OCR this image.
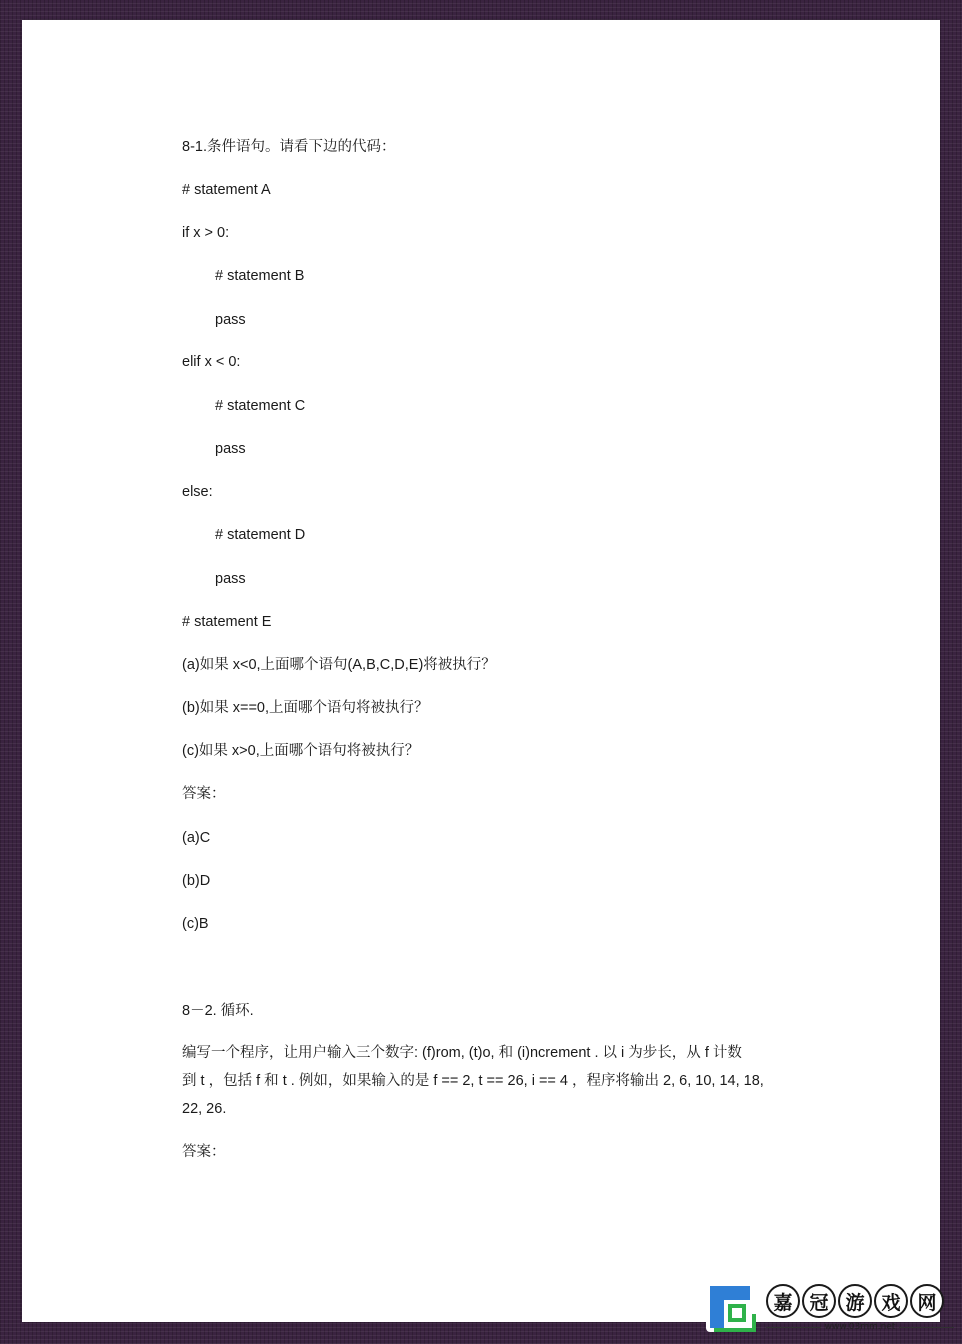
8-1.条件语句。请看下边的代码：
# statement A
if x > 0:
# statement B
pass
elif x < 0:
# statement C
pass
else:
# statement D
pass
# statement E
(a)如果 x<0,上面哪个语句(A,B,C,D,E)将被执行？
(b)如果 x==0,上面哪个语句将被执行？
(c)如果 x>0,上面哪个语句将被执行？
答案：
(a)C
(b)D
(c)B
8－2. 循环.
编写一个程序，让用户输入三个数字: (f)rom, (t)o, 和 (i)ncrement . 以 i 为步长，从 f 计数
到 t ，包括 f 和 t . 例如，如果输入的是 f == 2, t == 26, i == 4 ，程序将输出 2, 6, 10, 14, 18,
22, 26.
答案：
嘉 冠 游 戏 网
www.03mm.net
